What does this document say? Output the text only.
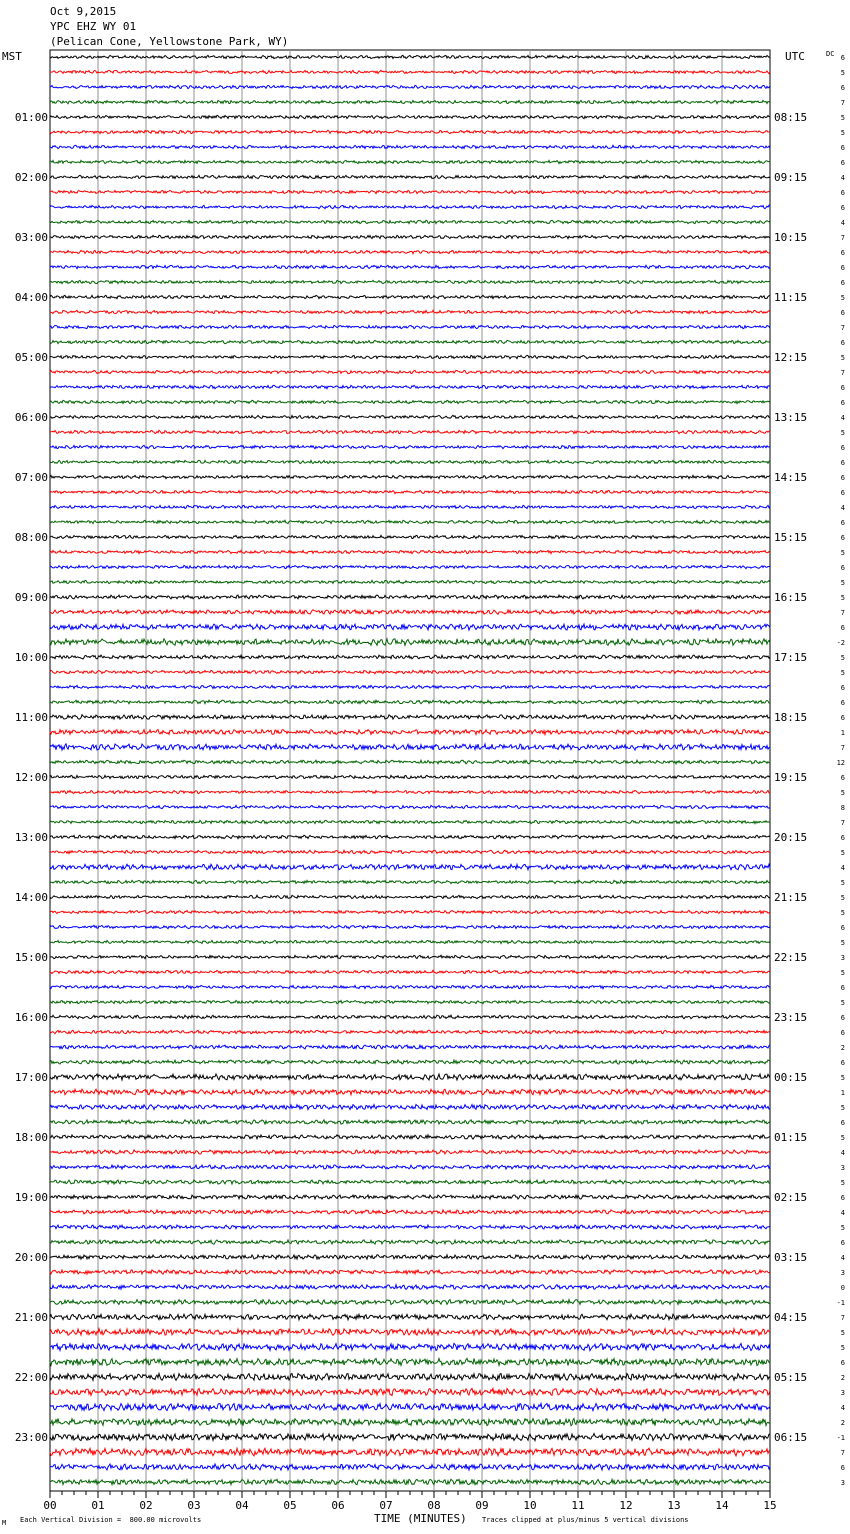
Oct 9,2015
YPC EHZ WY 01
(Pelican Cone, Yellowstone Park, WY)
MST	UTC	DC 6
5
6
7
5
5
6
6
4
6
6
4
7
6
6
6
5
6
7
6
5
7
6
6
4
5
6
6
6
6
4
6
6
5
6
5
5
7
6
-2
5
5
6
6
6
1
7
12
6
5
8
7
6
5
4
5
5
5
6
5
3
5
6
5
6
6
2
6
5
1
5
6
5
4
3
5
6
4
5
6
4
3
0
-1
7
5
5
6
2
3
4
2
-1
7
6
3
01:00	08:15
02:00	09:15
03:00	10:15
04:00	11:15
05:00	12:15
06:00	13:15
07:00	14:15
08:00	15:15
09:00	16:15
10:00	17:15
11:00	18:15
12:00	19:15
13:00	20:15
14:00	21:15
15:00	22:15
16:00	23:15
17:00	00:15
18:00	01:15
19:00	02:15
20:00	03:15
21:00	04:15
22:00	05:15
23:00	06:15
00	01	02	03	04	05	06	07	08	09	10	11	12	13	14	15
M Each Vertical Division =  800.00 microvolts	TIME (MINUTES) Traces clipped at plus/minus 5 vertical divisions
